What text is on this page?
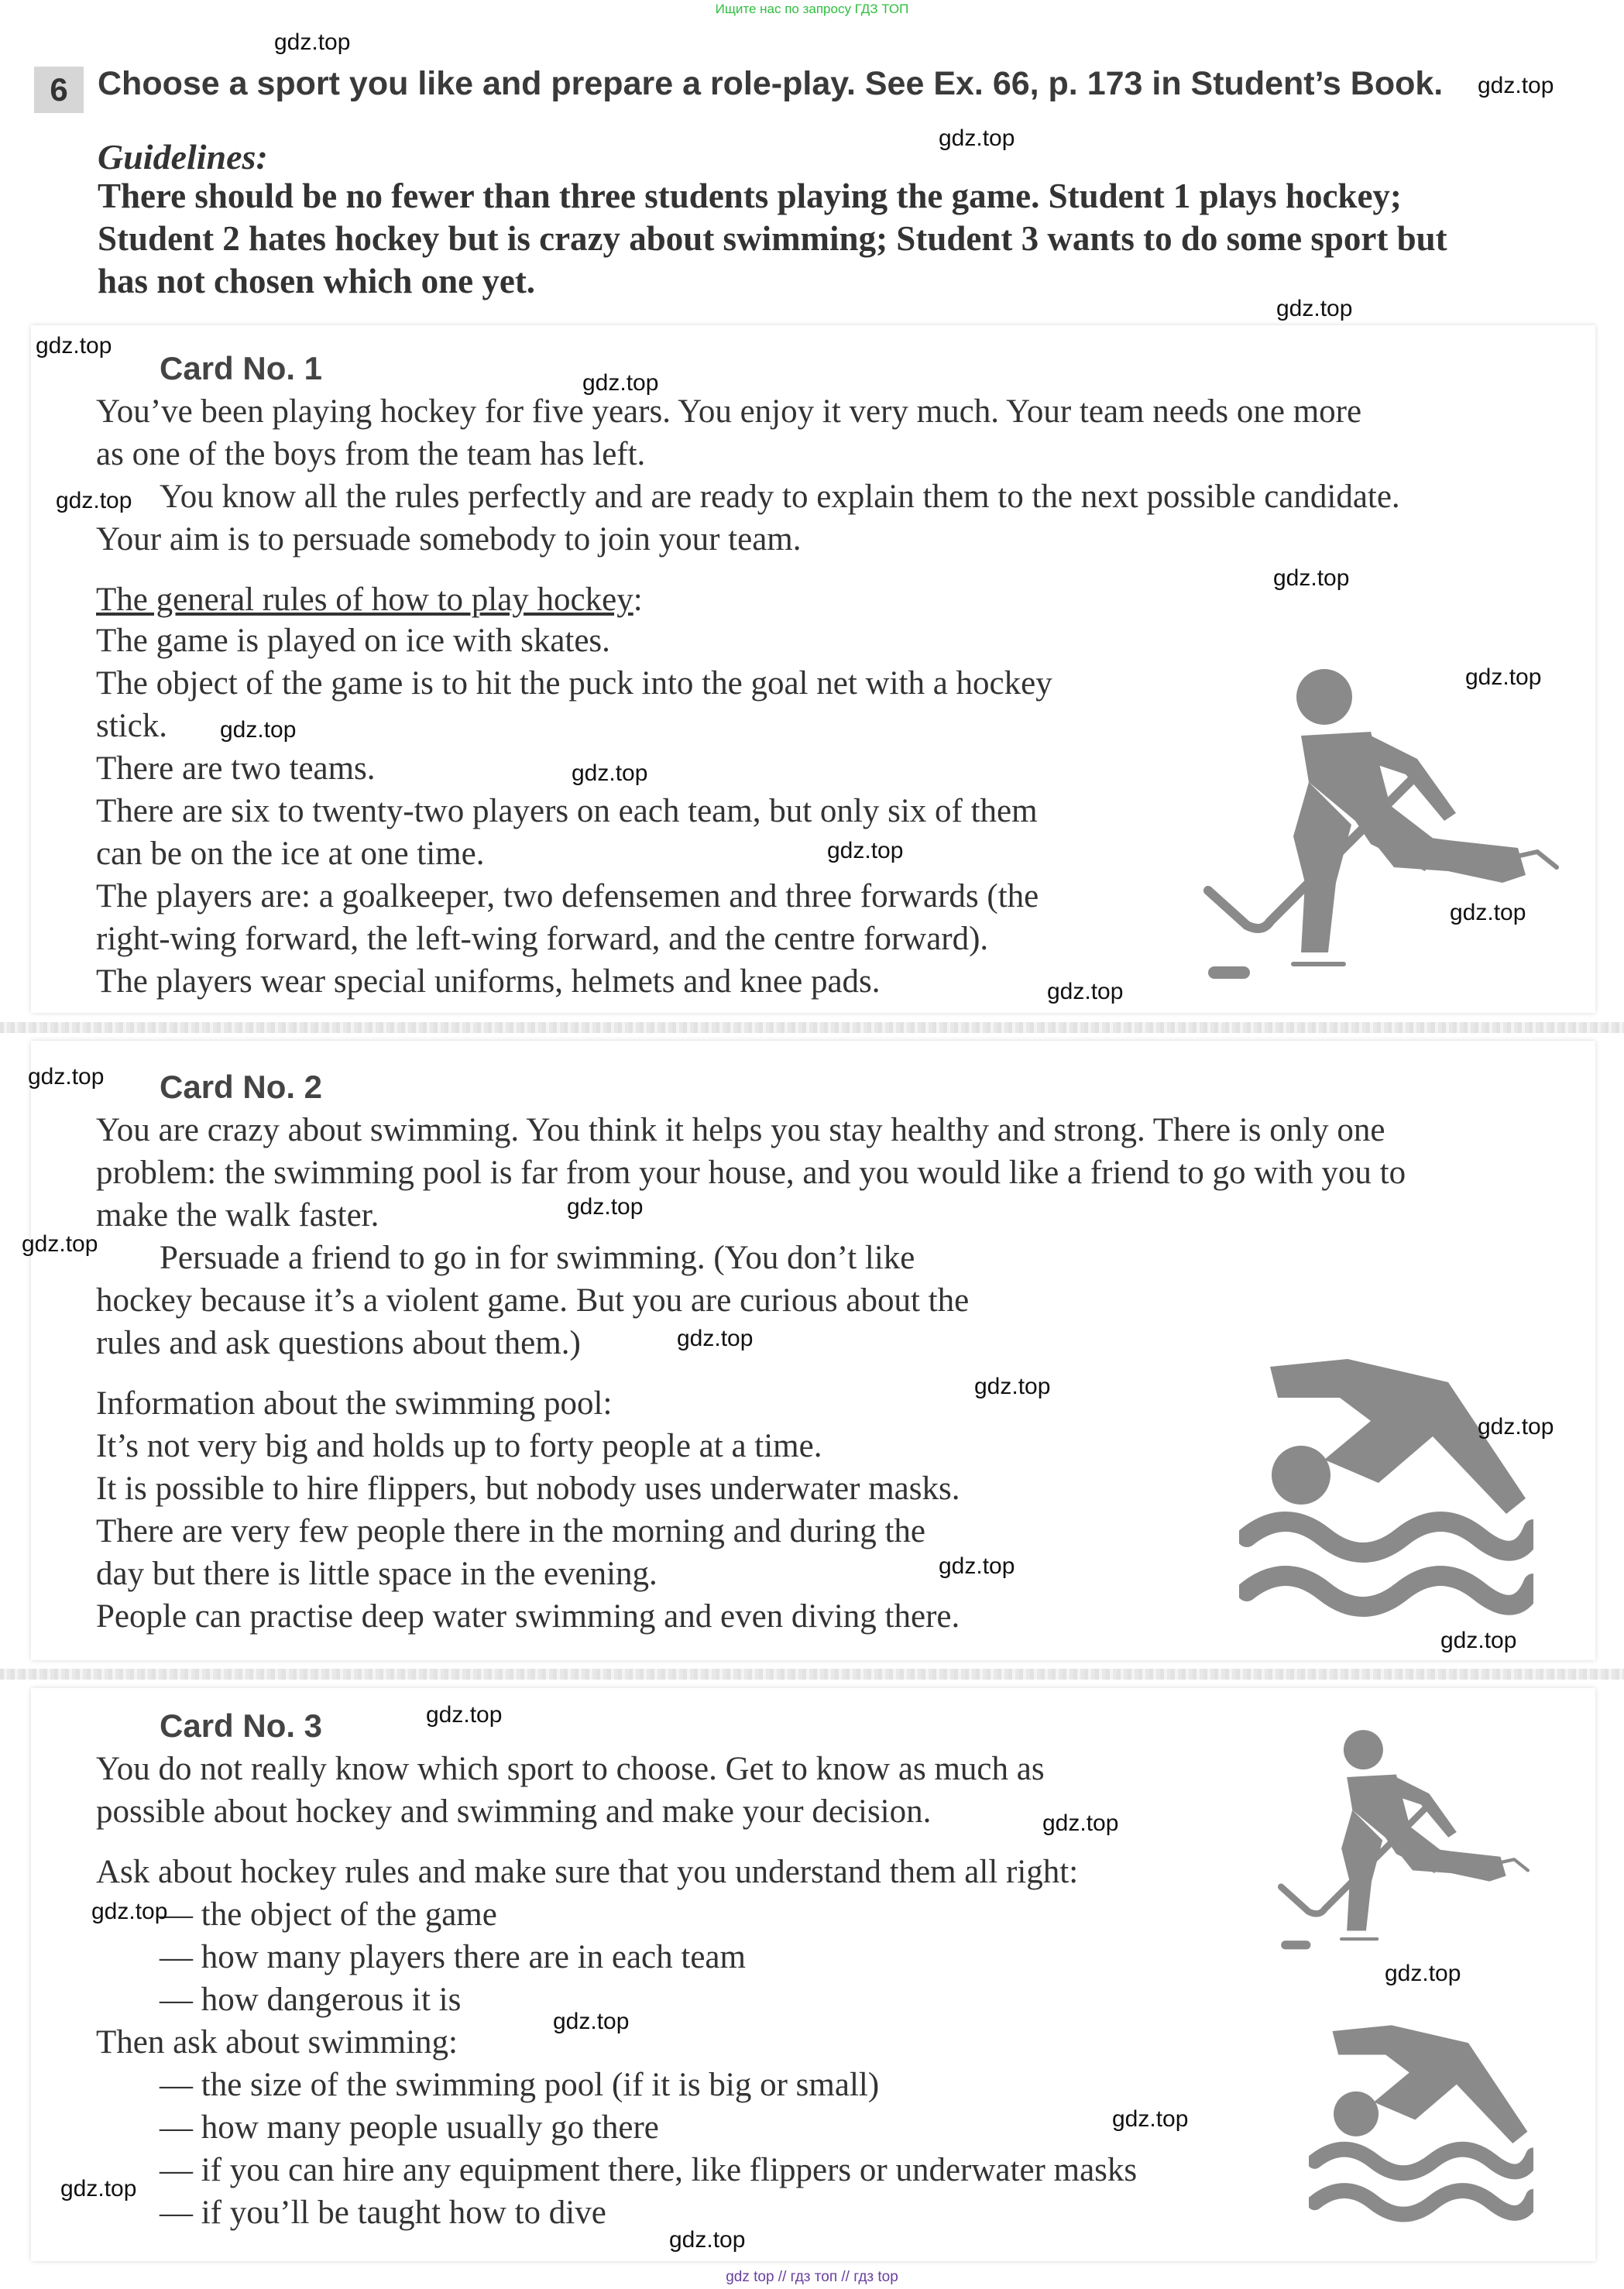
Ищите нас по запросу ГДЗ ТОП
6 Choose a sport you like and prepare a role-play. See Ex. 66, p. 173 in Student’s Book.
Guidelines:
There should be no fewer than three students playing the game. Student 1 plays hockey;
Student 2 hates hockey but is crazy about swimming; Student 3 wants to do some sport but
has not chosen which one yet.
Card No. 1
You’ve been playing hockey for five years. You enjoy it very much. Your team needs one more
as one of the boys from the team has left.
You know all the rules perfectly and are ready to explain them to the next possible candidate.
Your aim is to persuade somebody to join your team.
The general rules of how to play hockey:
The game is played on ice with skates.
The object of the game is to hit the puck into the goal net with a hockey
stick.
There are two teams.
There are six to twenty-two players on each team, but only six of them
can be on the ice at one time.
The players are: a goalkeeper, two defensemen and three forwards (the
right-wing forward, the left-wing forward, and the centre forward).
The players wear special uniforms, helmets and knee pads.
Card No. 2
You are crazy about swimming. You think it helps you stay healthy and strong. There is only one
problem: the swimming pool is far from your house, and you would like a friend to go with you to
make the walk faster.
Persuade a friend to go in for swimming. (You don’t like
hockey because it’s a violent game. But you are curious about the
rules and ask questions about them.)
Information about the swimming pool:
It’s not very big and holds up to forty people at a time.
It is possible to hire flippers, but nobody uses underwater masks.
There are very few people there in the morning and during the
day but there is little space in the evening.
People can practise deep water swimming and even diving there.
Card No. 3
You do not really know which sport to choose. Get to know as much as
possible about hockey and swimming and make your decision.
Ask about hockey rules and make sure that you understand them all right:
— the object of the game
— how many players there are in each team
— how dangerous it is
Then ask about swimming:
— the size of the swimming pool (if it is big or small)
— how many people usually go there
— if you can hire any equipment there, like flippers or underwater masks
— if you’ll be taught how to dive
gdz top // гдз топ // гдз top
gdz.top
gdz.top
gdz.top
gdz.top
gdz.top
gdz.top
gdz.top
gdz.top
gdz.top
gdz.top
gdz.top
gdz.top
gdz.top
gdz.top
gdz.top
gdz.top
gdz.top
gdz.top
gdz.top
gdz.top
gdz.top
gdz.top
gdz.top
gdz.top
gdz.top
gdz.top
gdz.top
gdz.top
gdz.top
gdz.top
